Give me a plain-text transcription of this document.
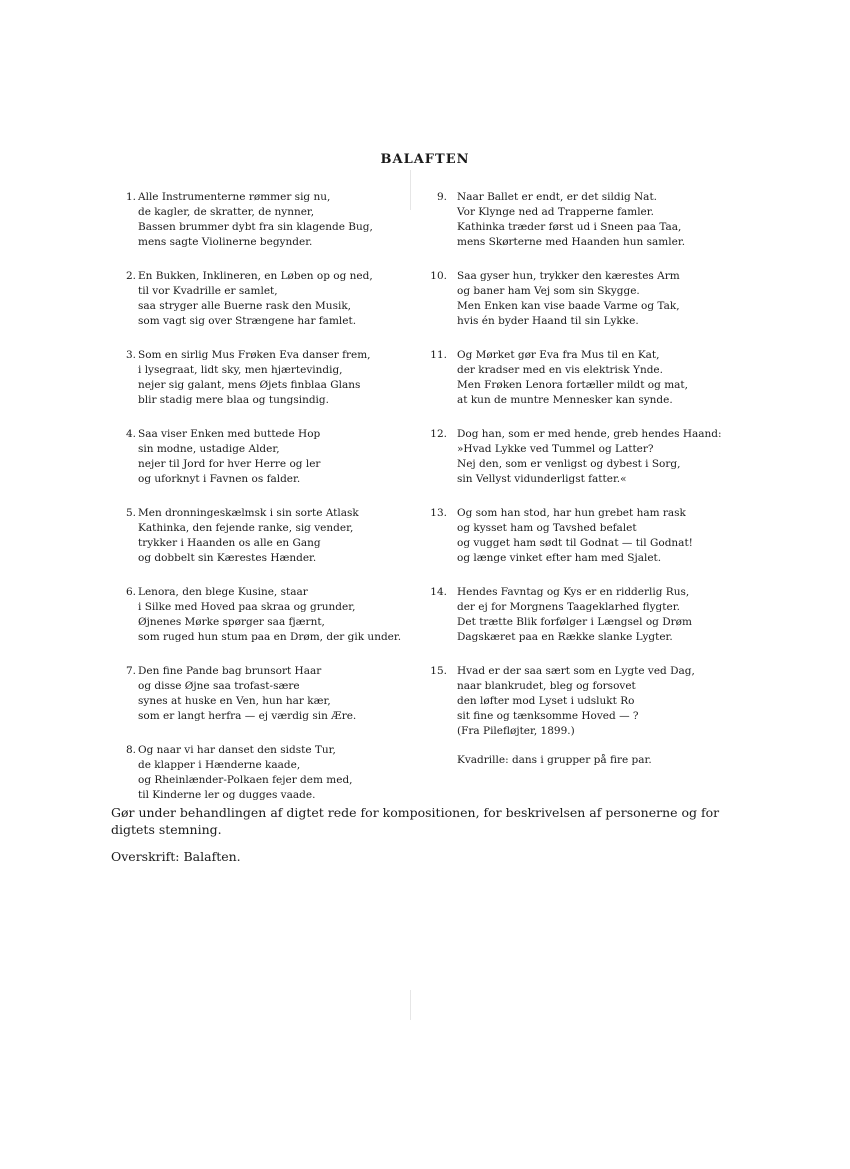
BALAFTEN
1. Alle Instrumenterne rømmer sig nu,
de kagler, de skratter, de nynner,
Bassen brummer dybt fra sin klagende Bug,
mens sagte Violinerne begynder.
2. En Bukken, Inklineren, en Løben op og ned,
til vor Kvadrille er samlet,
saa stryger alle Buerne rask den Musik,
som vagt sig over Strængene har famlet.
3. Som en sirlig Mus Frøken Eva danser frem,
i lysegraat, lidt sky, men hjærtevindig,
nejer sig galant, mens Øjets finblaa Glans
blir stadig mere blaa og tungsindig.
4. Saa viser Enken med buttede Hop
sin modne, ustadige Alder,
nejer til Jord for hver Herre og ler
og uforknyt i Favnen os falder.
5. Men dronningeskælmsk i sin sorte Atlask
Kathinka, den fejende ranke, sig vender,
trykker i Haanden os alle en Gang
og dobbelt sin Kærestes Hænder.
6. Lenora, den blege Kusine, staar
i Silke med Hoved paa skraa og grunder,
Øjnenes Mørke spørger saa fjærnt,
som ruged hun stum paa en Drøm, der gik under.
7. Den fine Pande bag brunsort Haar
og disse Øjne saa trofast-sære
synes at huske en Ven, hun har kær,
som er langt herfra — ej værdig sin Ære.
8. Og naar vi har danset den sidste Tur,
de klapper i Hænderne kaade,
og Rheinlænder-Polkaen fejer dem med,
til Kinderne ler og dugges vaade.
9. Naar Ballet er endt, er det sildig Nat.
Vor Klynge ned ad Trapperne famler.
Kathinka træder først ud i Sneen paa Taa,
mens Skørterne med Haanden hun samler.
10. Saa gyser hun, trykker den kærestes Arm
og baner ham Vej som sin Skygge.
Men Enken kan vise baade Varme og Tak,
hvis én byder Haand til sin Lykke.
11. Og Mørket gør Eva fra Mus til en Kat,
der kradser med en vis elektrisk Ynde.
Men Frøken Lenora fortæller mildt og mat,
at kun de muntre Mennesker kan synde.
12. Dog han, som er med hende, greb hendes Haand:
»Hvad Lykke ved Tummel og Latter?
Nej den, som er venligst og dybest i Sorg,
sin Vellyst vidunderligst fatter.«
13. Og som han stod, har hun grebet ham rask
og kysset ham og Tavshed befalet
og vugget ham sødt til Godnat — til Godnat!
og længe vinket efter ham med Sjalet.
14. Hendes Favntag og Kys er en ridderlig Rus,
der ej for Morgnens Taageklarhed flygter.
Det trætte Blik forfølger i Længsel og Drøm
Dagskæret paa en Række slanke Lygter.
15. Hvad er der saa sært som en Lygte ved Dag,
naar blankrudet, bleg og forsovet
den løfter mod Lyset i udslukt Ro
sit fine og tænksomme Hoved — ?
(Fra Pilefløjter, 1899.)
Kvadrille: dans i grupper på fire par.

Gør under behandlingen af digtet rede for kompositionen, for beskrivelsen af personerne og for digtets stemning.

Overskrift: Balaften.
